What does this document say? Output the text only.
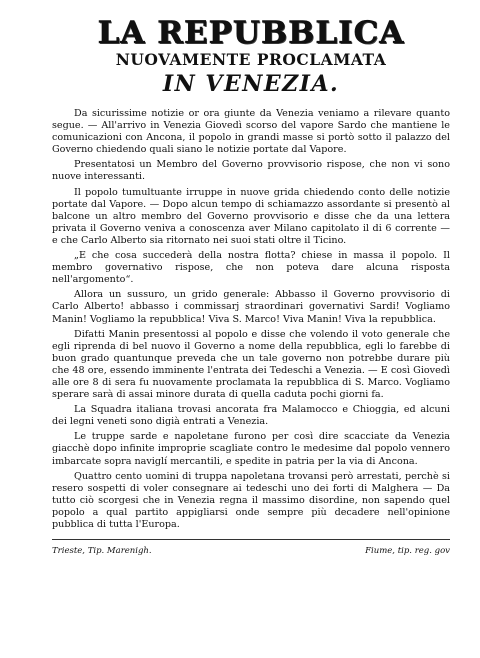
LA REPUBBLICA
NUOVAMENTE PROCLAMATA
IN VENEZIA.

Da sicurissime notizie or ora giunte da Venezia veniamo a rilevare quanto segue. — All'arrivo in Venezia Giovedì scorso del vapore Sardo che mantiene le comunicazioni con Ancona, il popolo in grandi masse si portò sotto il palazzo del Governo chiedendo quali siano le notizie portate dal Vapore.

Presentatosi un Membro del Governo provvisorio rispose, che non vi sono nuove interessanti.

Il popolo tumultuante irruppe in nuove grida chiedendo conto delle notizie portate dal Vapore. — Dopo alcun tempo di schiamazzo assordante si presentò al balcone un altro membro del Governo provvisorio e disse che da una lettera privata il Governo veniva a conoscenza aver Milano capitolato il di 6 corrente — e che Carlo Alberto sia ritornato nei suoi stati oltre il Ticino.

„E che cosa succederà della nostra flotta? chiese in massa il popolo. Il membro governativo rispose, che non poteva dare alcuna risposta nell'argomento“.

Allora un sussuro, un grido generale: Abbasso il Governo provvisorio di Carlo Alberto! abbasso i commissarj straordinari governativi Sardi! Vogliamo Manin! Vogliamo la repubblica! Viva S. Marco! Viva Manin! Viva la repubblica.

Difatti Manin presentossi al popolo e disse che volendo il voto generale che egli riprenda di bel nuovo il Governo a nome della repubblica, egli lo farebbe di buon grado quantunque preveda che un tale governo non potrebbe durare più che 48 ore, essendo imminente l'entrata dei Tedeschi a Venezia. — E così Giovedì alle ore 8 di sera fu nuovamente proclamata la repubblica di S. Marco. Vogliamo sperare sarà di assai minore durata di quella caduta pochi giorni fa.

La Squadra italiana trovasi ancorata fra Malamocco e Chioggia, ed alcuni dei legni veneti sono digià entrati a Venezia.

Le truppe sarde e napoletane furono per così dire scacciate da Venezia giacchè dopo infinite improprie scagliate contro le medesime dal popolo vennero imbarcate sopra naviglí mercantili, e spedite in patria per la via di Ancona.

Quattro cento uomini di truppa napoletana trovansi però arrestati, perchè si resero sospetti di voler consegnare ai tedeschi uno dei forti di Malghera — Da tutto ciò scorgesi che in Venezia regna il massimo disordine, non sapendo quel popolo a qual partito appigliarsi onde sempre più decadere nell'opinione pubblica di tutta l'Europa.

Trieste, Tip. Marenigh.	Fiume, tip. reg. gov
